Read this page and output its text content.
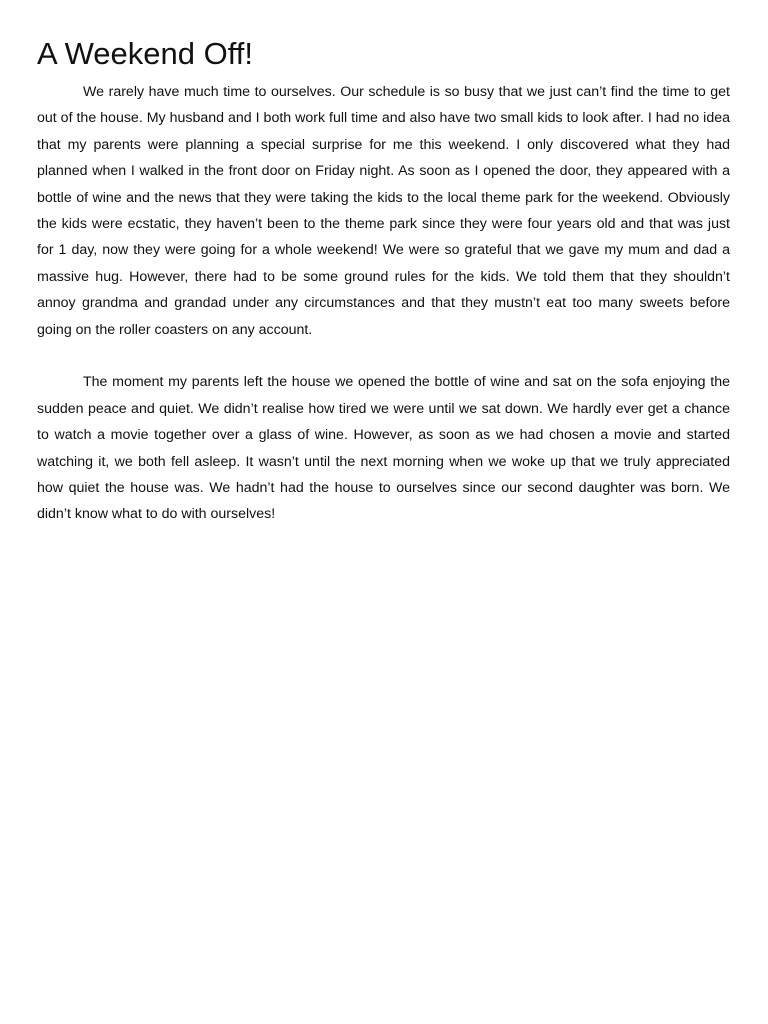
A Weekend Off!

We rarely have much time to ourselves. Our schedule is so busy that we just can’t find the time to get out of the house. My husband and I both work full time and also have two small kids to look after. I had no idea that my parents were planning a special surprise for me this weekend. I only discovered what they had planned when I walked in the front door on Friday night. As soon as I opened the door, they appeared with a bottle of wine and the news that they were taking the kids to the local theme park for the weekend. Obviously the kids were ecstatic, they haven’t been to the theme park since they were four years old and that was just for 1 day, now they were going for a whole weekend! We were so grateful that we gave my mum and dad a massive hug. However, there had to be some ground rules for the kids. We told them that they shouldn’t annoy grandma and grandad under any circumstances and that they mustn’t eat too many sweets before going on the roller coasters on any account.

The moment my parents left the house we opened the bottle of wine and sat on the sofa enjoying the sudden peace and quiet. We didn’t realise how tired we were until we sat down. We hardly ever get a chance to watch a movie together over a glass of wine. However, as soon as we had chosen a movie and started watching it, we both fell asleep. It wasn’t until the next morning when we woke up that we truly appreciated how quiet the house was. We hadn’t had the house to ourselves since our second daughter was born. We didn’t know what to do with ourselves!
